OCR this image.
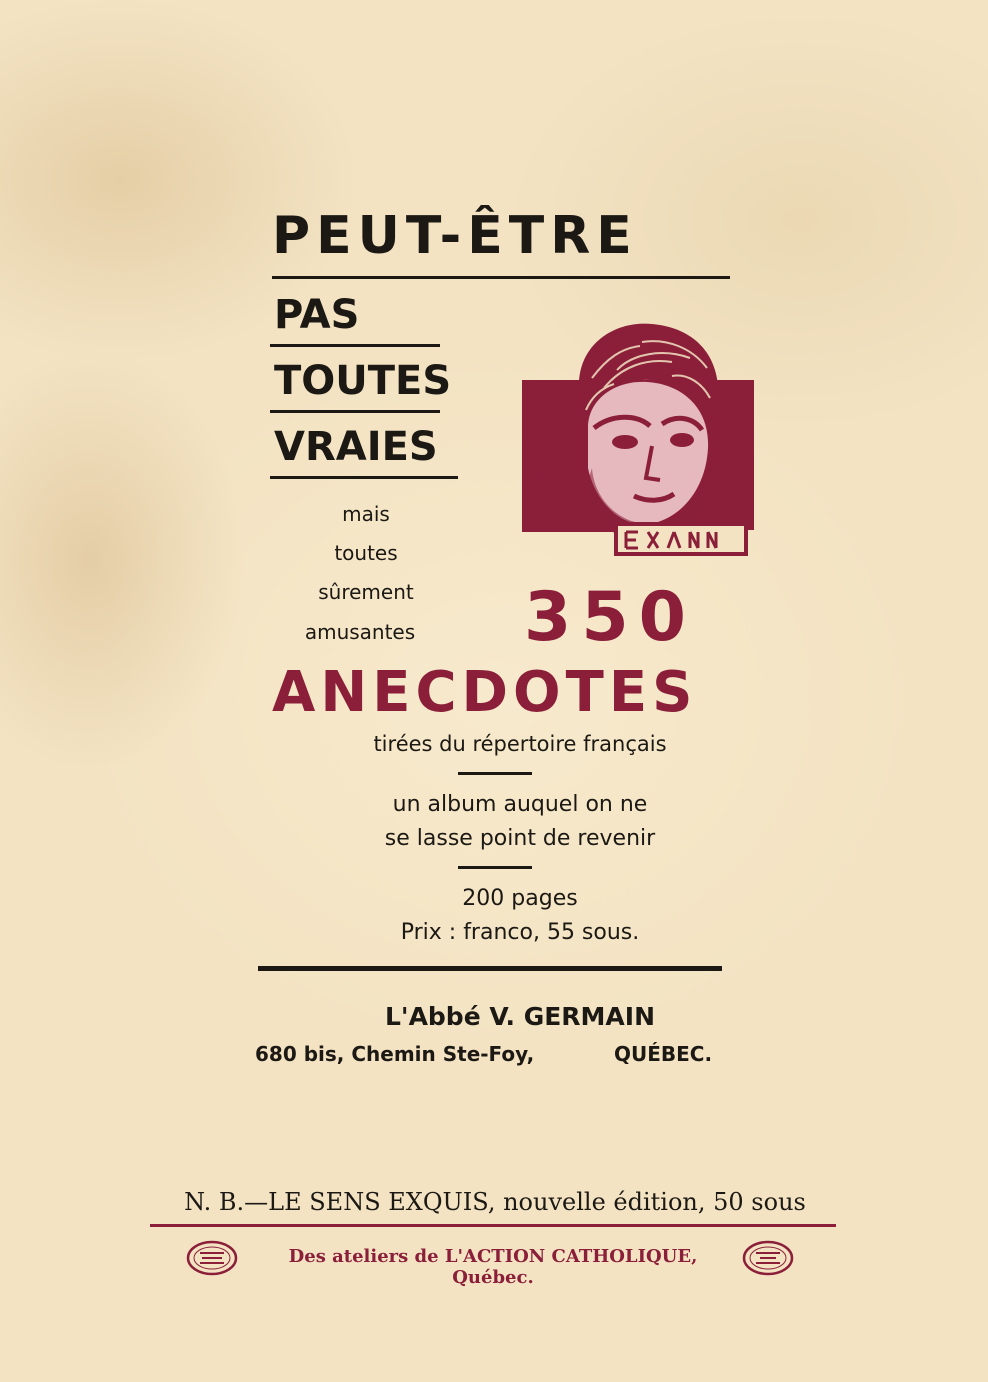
PEUT-ÊTRE
PAS
TOUTES
VRAIES
mais
toutes
sûrement
amusantes	350
ANECDOTES
tirées du répertoire français
un album auquel on ne
se lasse point de revenir
200 pages
Prix : franco, 55 sous.
L'Abbé V. GERMAIN
680 bis, Chemin Ste-Foy,	QUÉBEC.
N. B.—LE SENS EXQUIS, nouvelle édition, 50 sous
Des ateliers de L'ACTION CATHOLIQUE, Québec.
